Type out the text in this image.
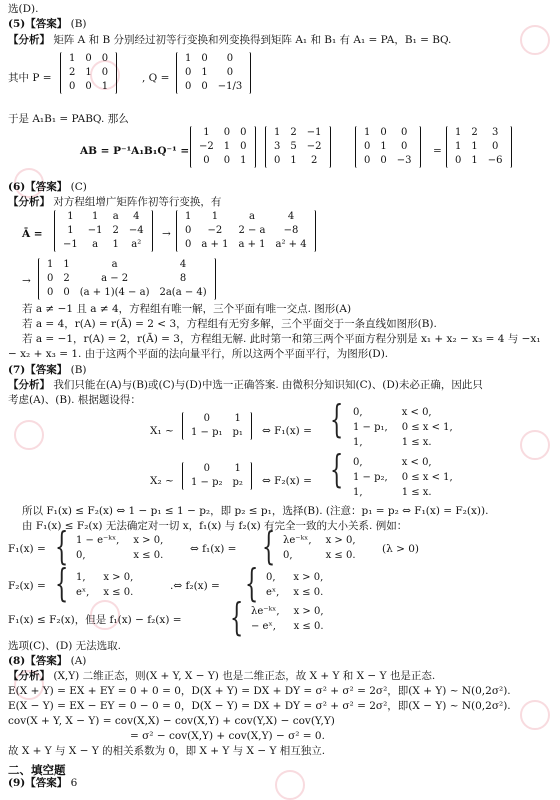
选(D).
(5)【答案】 (B)
【分析】 矩阵 A 和 B 分别经过初等行变换和列变换得到矩阵 A₁ 和 B₁ 有 A₁ = PA，B₁ = BQ.
其中 P =
1	0	0
2	1	0
0	0	1
, Q =
1	0	0
0	1	0
0	0	−1/3
于是 A₁B₁ = PABQ. 那么
AB = P⁻¹A₁B₁Q⁻¹ =
1	0	0
−2	1	0
0	0	1
1	2	−1
3	5	−2
0	1	2
1	0	0
0	1	0
0	0	−3
=
1	2	3
1	1	0
0	1	−6
(6)【答案】 (C)
【分析】 对方程组增广矩阵作初等行变换，有
Ā =
1	1	a	4
1	−1	2	−4
−1	a	1	a²
→
1	1	a	4
0	−2	2 − a	−8
0	a + 1	a + 1	a² + 4
→
1	1	a	4
0	2	a − 2	8
0	0	(a + 1)(4 − a)	2a(a − 4)
若 a ≠ −1 且 a ≠ 4，方程组有唯一解，三个平面有唯一交点. 图形(A)
若 a = 4，r(A) = r(Ā) = 2 < 3，方程组有无穷多解，三个平面交于一条直线如图形(B).
若 a = −1，r(A) = 2，r(Ā) = 3，方程组无解. 此时第一和第三两个平面方程分别是 x₁ + x₂ − x₃ = 4 与 −x₁
− x₂ + x₃ = 1. 由于这两个平面的法向量平行，所以这两个平面平行，为图形(D).
(7)【答案】 (B)
【分析】 我们只能在(A)与(B)或(C)与(D)中选一正确答案. 由微积分知识知(C)、(D)未必正确，因此只
考虑(A)、(B). 根据题设得：
X₁ ~
0	1
1 − p₁	p₁ ⇔ F₁(x) = { 0,	x < 0,
1 − p₁,	0 ≤ x < 1,
1,	1 ≤ x.
X₂ ~
0	1
1 − p₂	p₂ ⇔ F₂(x) = { 0,	x < 0,
1 − p₂,	0 ≤ x < 1,
1,	1 ≤ x.
所以 F₁(x) ≤ F₂(x) ⇔ 1 − p₁ ≤ 1 − p₂，即 p₂ ≤ p₁，选择(B). (注意：p₁ = p₂ ⇔ F₁(x) = F₂(x)).
由 F₁(x) ≤ F₂(x) 无法确定对一切 x，f₁(x) 与 f₂(x) 有完全一致的大小关系. 例如：
F₁(x) = { 1 − e⁻ᵏˣ,	x > 0,
0,	x ≤ 0.
⇔ f₁(x) = { λe⁻ᵏˣ,	x > 0,
0,	x ≤ 0.
(λ > 0)
F₂(x) = { 1,	x > 0,
eˣ,	x ≤ 0.
.⇔ f₂(x) = { 0,	x > 0,
eˣ,	x ≤ 0.
F₁(x) ≤ F₂(x)，但是 f₁(x) − f₂(x) = { λe⁻ᵏˣ,	x > 0,
− eˣ,	x ≤ 0.
选项(C)、(D) 无法选取.
(8)【答案】 (A)
【分析】 (X,Y) 二维正态，则(X + Y, X − Y) 也是二维正态，故 X + Y 和 X − Y 也是正态.
E(X + Y) = EX + EY = 0 + 0 = 0，D(X + Y) = DX + DY = σ² + σ² = 2σ²，即(X + Y) ~ N(0,2σ²).
E(X − Y) = EX − EY = 0 − 0 = 0，D(X − Y) = DX + DY = σ² + σ² = 2σ²，即(X − Y) ~ N(0,2σ²).
cov(X + Y, X − Y) = cov(X,X) − cov(X,Y) + cov(Y,X) − cov(Y,Y)
= σ² − cov(X,Y) + cov(X,Y) − σ² = 0.
故 X + Y 与 X − Y 的相关系数为 0，即 X + Y 与 X − Y 相互独立.
二、填空题
(9)【答案】 6
